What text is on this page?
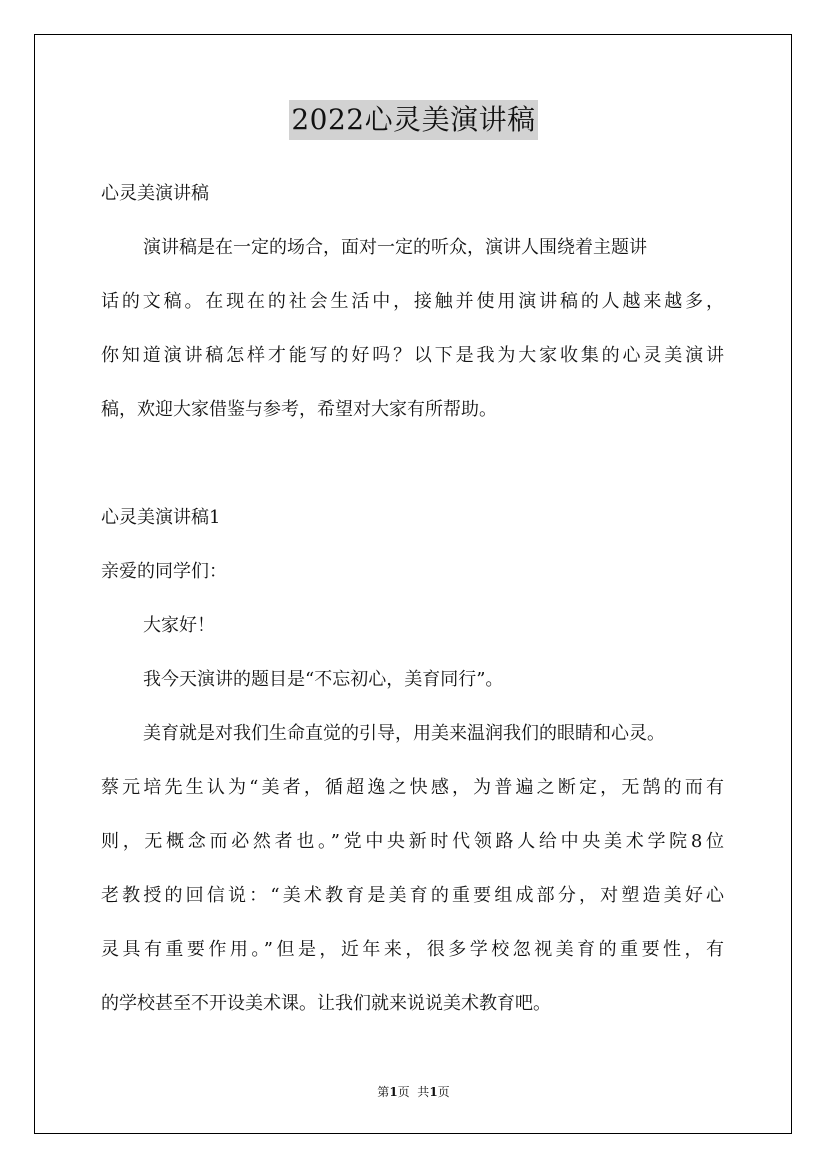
2022心灵美演讲稿
心灵美演讲稿
演讲稿是在一定的场合，面对一定的听众，演讲人围绕着主题讲
话的文稿。在现在的社会生活中，接触并使用演讲稿的人越来越多，
你知道演讲稿怎样才能写的好吗？以下是我为大家收集的心灵美演讲
稿，欢迎大家借鉴与参考，希望对大家有所帮助。
心灵美演讲稿1
亲爱的同学们：
大家好！
我今天演讲的题目是“不忘初心，美育同行”。
美育就是对我们生命直觉的引导，用美来温润我们的眼睛和心灵。
蔡元培先生认为“美者，循超逸之快感，为普遍之断定，无鹄的而有
则，无概念而必然者也。”党中央新时代领路人给中央美术学院8位
老教授的回信说：“美术教育是美育的重要组成部分，对塑造美好心
灵具有重要作用。”但是，近年来，很多学校忽视美育的重要性，有
的学校甚至不开设美术课。让我们就来说说美术教育吧。
第1页  共1页
